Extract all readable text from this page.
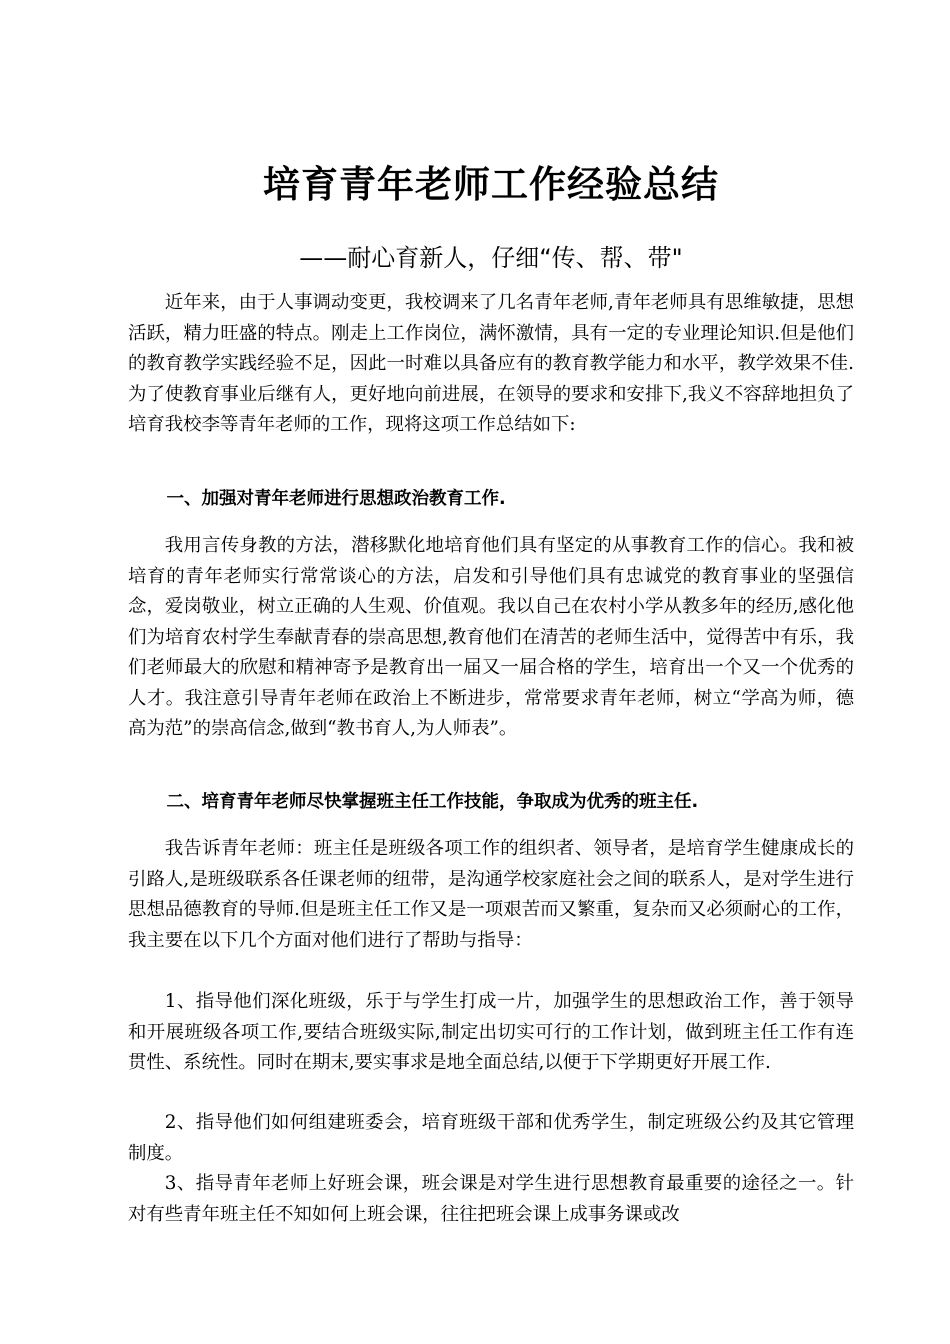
培育青年老师工作经验总结
——耐心育新人，仔细“传、帮、带"

近年来，由于人事调动变更，我校调来了几名青年老师,青年老师具有思维敏捷，思想活跃，精力旺盛的特点。刚走上工作岗位，满怀激情，具有一定的专业理论知识.但是他们的教育教学实践经验不足，因此一时难以具备应有的教育教学能力和水平，教学效果不佳.为了使教育事业后继有人，更好地向前进展，在领导的要求和安排下,我义不容辞地担负了培育我校李等青年老师的工作，现将这项工作总结如下:

一、加强对青年老师进行思想政治教育工作.

我用言传身教的方法，潜移默化地培育他们具有坚定的从事教育工作的信心。我和被培育的青年老师实行常常谈心的方法，启发和引导他们具有忠诚党的教育事业的坚强信念，爱岗敬业，树立正确的人生观、价值观。我以自己在农村小学从教多年的经历,感化他们为培育农村学生奉献青春的崇高思想,教育他们在清苦的老师生活中，觉得苦中有乐，我们老师最大的欣慰和精神寄予是教育出一届又一届合格的学生，培育出一个又一个优秀的人才。我注意引导青年老师在政治上不断进步，常常要求青年老师，树立“学高为师，德高为范”的崇高信念,做到“教书育人,为人师表”。

二、培育青年老师尽快掌握班主任工作技能，争取成为优秀的班主任.

我告诉青年老师：班主任是班级各项工作的组织者、领导者，是培育学生健康成长的引路人,是班级联系各任课老师的纽带，是沟通学校家庭社会之间的联系人，是对学生进行思想品德教育的导师.但是班主任工作又是一项艰苦而又繁重，复杂而又必须耐心的工作，我主要在以下几个方面对他们进行了帮助与指导：

1、指导他们深化班级，乐于与学生打成一片，加强学生的思想政治工作，善于领导和开展班级各项工作,要结合班级实际,制定出切实可行的工作计划，做到班主任工作有连贯性、系统性。同时在期末,要实事求是地全面总结,以便于下学期更好开展工作.

2、指导他们如何组建班委会，培育班级干部和优秀学生，制定班级公约及其它管理制度。

3、指导青年老师上好班会课，班会课是对学生进行思想教育最重要的途径之一。针对有些青年班主任不知如何上班会课，往往把班会课上成事务课或改
